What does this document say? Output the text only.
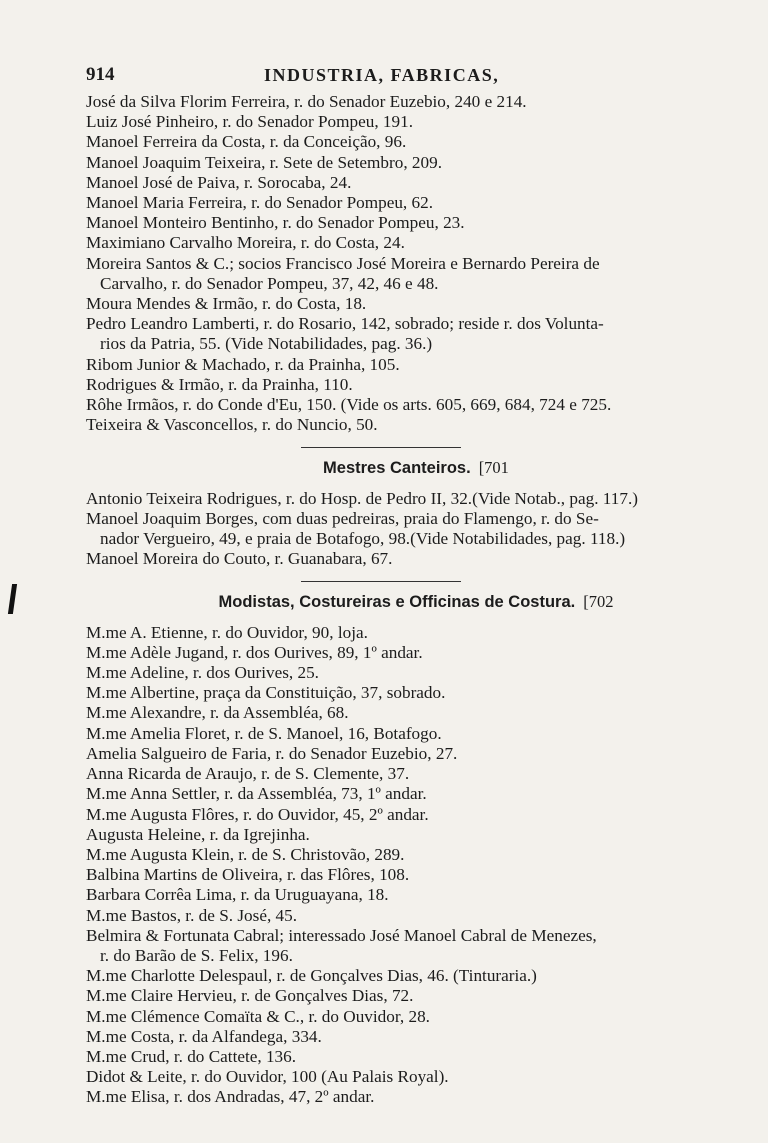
914	INDUSTRIA, FABRICAS,

José da Silva Florim Ferreira, r. do Senador Euzebio, 240 e 214.

Luiz José Pinheiro, r. do Senador Pompeu, 191.

Manoel Ferreira da Costa, r. da Conceição, 96.

Manoel Joaquim Teixeira, r. Sete de Setembro, 209.

Manoel José de Paiva, r. Sorocaba, 24.

Manoel Maria Ferreira, r. do Senador Pompeu, 62.

Manoel Monteiro Bentinho, r. do Senador Pompeu, 23.

Maximiano Carvalho Moreira, r. do Costa, 24.

Moreira Santos & C.; socios Francisco José Moreira e Bernardo Pereira de
Carvalho, r. do Senador Pompeu, 37, 42, 46 e 48.

Moura Mendes & Irmão, r. do Costa, 18.

Pedro Leandro Lamberti, r. do Rosario, 142, sobrado; reside r. dos Volunta-
rios da Patria, 55. (Vide Notabilidades, pag. 36.)

Ribom Junior & Machado, r. da Prainha, 105.

Rodrigues & Irmão, r. da Prainha, 110.

Rôhe Irmãos, r. do Conde d'Eu, 150. (Vide os arts. 605, 669, 684, 724 e 725.

Teixeira & Vasconcellos, r. do Nuncio, 50.

Mestres Canteiros. [701

Antonio Teixeira Rodrigues, r. do Hosp. de Pedro II, 32.(Vide Notab., pag. 117.)

Manoel Joaquim Borges, com duas pedreiras, praia do Flamengo, r. do Se-
nador Vergueiro, 49, e praia de Botafogo, 98.(Vide Notabilidades, pag. 118.)

Manoel Moreira do Couto, r. Guanabara, 67.

Modistas, Costureiras e Officinas de Costura. [702

M.me A. Etienne, r. do Ouvidor, 90, loja.

M.me Adèle Jugand, r. dos Ourives, 89, 1º andar.

M.me Adeline, r. dos Ourives, 25.

M.me Albertine, praça da Constituição, 37, sobrado.

M.me Alexandre, r. da Assembléa, 68.

M.me Amelia Floret, r. de S. Manoel, 16, Botafogo.

Amelia Salgueiro de Faria, r. do Senador Euzebio, 27.

Anna Ricarda de Araujo, r. de S. Clemente, 37.

M.me Anna Settler, r. da Assembléa, 73, 1º andar.

M.me Augusta Flôres, r. do Ouvidor, 45, 2º andar.

Augusta Heleine, r. da Igrejinha.

M.me Augusta Klein, r. de S. Christovão, 289.

Balbina Martins de Oliveira, r. das Flôres, 108.

Barbara Corrêa Lima, r. da Uruguayana, 18.

M.me Bastos, r. de S. José, 45.

Belmira & Fortunata Cabral; interessado José Manoel Cabral de Menezes,
r. do Barão de S. Felix, 196.

M.me Charlotte Delespaul, r. de Gonçalves Dias, 46. (Tinturaria.)

M.me Claire Hervieu, r. de Gonçalves Dias, 72.

M.me Clémence Comaïta & C., r. do Ouvidor, 28.

M.me Costa, r. da Alfandega, 334.

M.me Crud, r. do Cattete, 136.

Didot & Leite, r. do Ouvidor, 100 (Au Palais Royal).

M.me Elisa, r. dos Andradas, 47, 2º andar.
